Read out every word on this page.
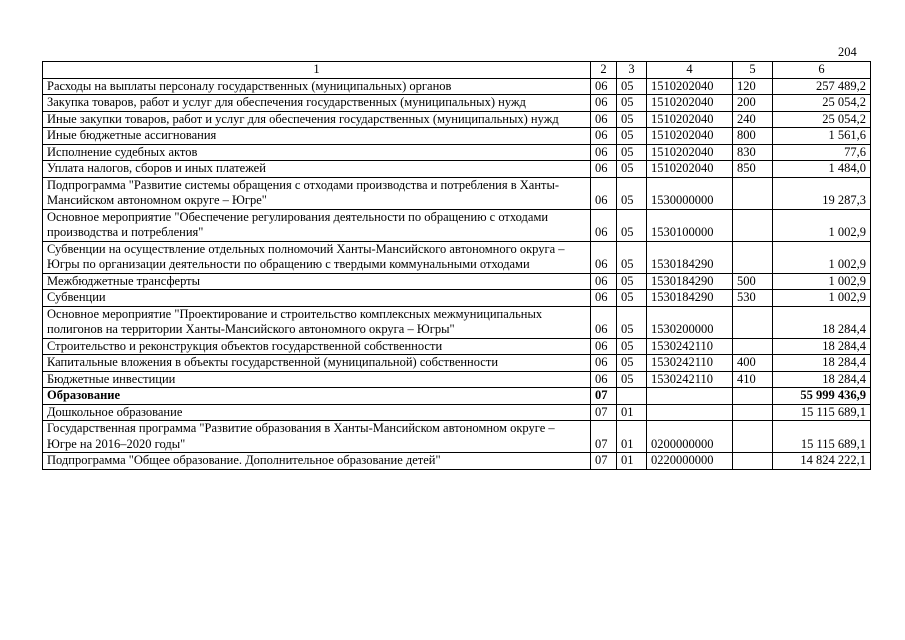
204
1	2	3	4	5	6
Расходы на выплаты персоналу государственных (муниципальных) органов	06	05	1510202040	120	257 489,2
Закупка товаров, работ и услуг для обеспечения государственных (муниципальных) нужд	06	05	1510202040	200	25 054,2
Иные закупки товаров, работ и услуг для обеспечения государственных (муниципальных) нужд	06	05	1510202040	240	25 054,2
Иные бюджетные ассигнования	06	05	1510202040	800	1 561,6
Исполнение судебных актов	06	05	1510202040	830	77,6
Уплата налогов, сборов и иных платежей	06	05	1510202040	850	1 484,0
Подпрограмма "Развитие системы обращения с отходами производства и потребления в Ханты-Мансийском автономном округе – Югре"	06	05	1530000000		19 287,3
Основное мероприятие "Обеспечение регулирования деятельности по обращению с отходами производства и потребления"	06	05	1530100000		1 002,9
Субвенции на осуществление отдельных полномочий Ханты-Мансийского автономного округа – Югры по организации деятельности по обращению с твердыми коммунальными отходами	06	05	1530184290		1 002,9
Межбюджетные трансферты	06	05	1530184290	500	1 002,9
Субвенции	06	05	1530184290	530	1 002,9
Основное мероприятие "Проектирование и строительство комплексных межмуниципальных полигонов на территории Ханты-Мансийского автономного округа – Югры"	06	05	1530200000		18 284,4
Строительство и реконструкция объектов государственной собственности	06	05	1530242110		18 284,4
Капитальные вложения в объекты государственной (муниципальной) собственности	06	05	1530242110	400	18 284,4
Бюджетные инвестиции	06	05	1530242110	410	18 284,4
Образование	07				55 999 436,9
Дошкольное образование	07	01			15 115 689,1
Государственная программа "Развитие образования в Ханты-Мансийском автономном округе – Югре на 2016–2020 годы"	07	01	0200000000		15 115 689,1
Подпрограмма "Общее образование. Дополнительное образование детей"	07	01	0220000000		14 824 222,1
